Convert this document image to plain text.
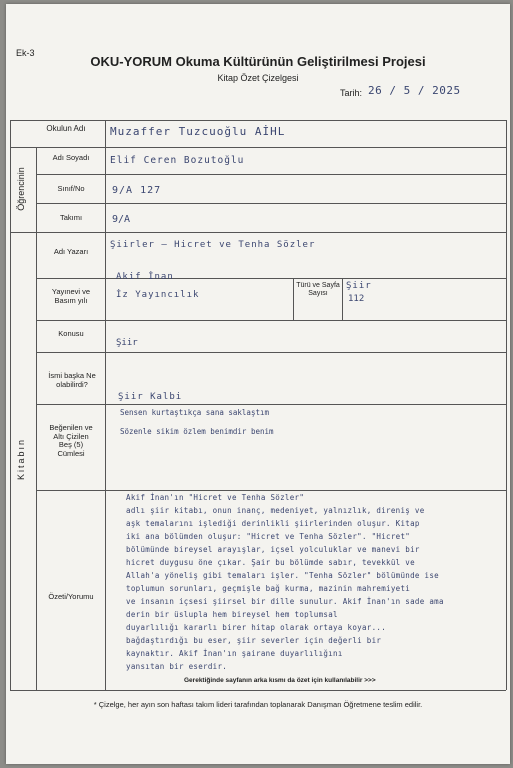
Ek-3
OKU-YORUM Okuma Kültürünün Geliştirilmesi Projesi
Kitap Özet Çizelgesi
Tarih: 26 / 5 / 2025
Okulun Adı
Adı Soyadı
Sınıf/No
Takımı
Öğrencinin
Adı Yazarı
Yayınevi ve Basım yılı
Türü ve Sayfa Sayısı
Konusu
İsmi başka Ne olabilirdi?
Beğenilen ve Altı Çizilen Beş (5) Cümlesi
Özeti/Yorumu
Kitabın
Muzaffer Tuzcuoğlu AİHL
Elif Ceren Bozutoğlu
9/A 127
9/A
Şiirler – Hicret ve Tenha Sözler
Akif İnan
İz Yayıncılık
Şiir
112
Şiir
Şiir Kalbi
Sensen kurtaştıkça sana saklaştım
Sözenle sikim özlem benimdir benim
Akif İnan'ın "Hicret ve Tenha Sözler"
adlı şiir kitabı, onun inanç, medeniyet, yalnızlık, direniş ve
aşk temalarını işlediği derinlikli şiirlerinden oluşur. Kitap
iki ana bölümden oluşur: "Hicret ve Tenha Sözler". "Hicret"
bölümünde bireysel arayışlar, içsel yolculuklar ve manevi bir
hicret duygusu öne çıkar. Şair bu bölümde sabır, tevekkül ve
Allah'a yöneliş gibi temaları işler. "Tenha Sözler" bölümünde ise
toplumun sorunları, geçmişle bağ kurma, mazinin mahremiyeti
ve insanın içsesi şiirsel bir dille sunulur. Akif İnan'ın sade ama
derin bir üslupla hem bireysel hem toplumsal
duyarlılığı kararlı birer hitap olarak ortaya koyar...
bağdaştırdığı bu eser, şiir severler için değerli bir
kaynaktır. Akif İnan'ın şairane duyarlılığını
yansıtan bir eserdir.
Gerektiğinde sayfanın arka kısmı da özet için kullanılabilir >>>
* Çizelge, her ayın son haftası takım lideri tarafından toplanarak Danışman Öğretmene teslim edilir.
